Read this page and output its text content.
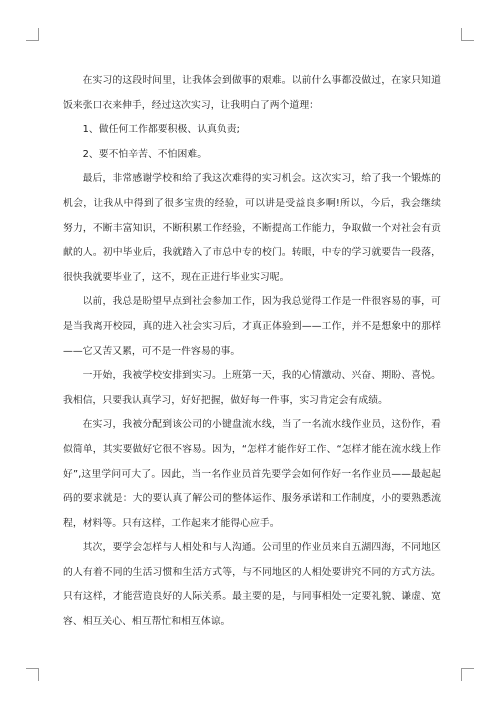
在实习的这段时间里，让我体会到做事的艰难。以前什么事都没做过，在家只知道饭来张口衣来伸手，经过这次实习，让我明白了两个道理：

1、做任何工作都要积极、认真负责;

2、要不怕辛苦、不怕困难。

最后，非常感谢学校和给了我这次难得的实习机会。这次实习，给了我一个锻炼的机会，让我从中得到了很多宝贵的经验，可以讲是受益良多啊!所以，今后，我会继续努力，不断丰富知识，不断积累工作经验，不断提高工作能力，争取做一个对社会有贡献的人。初中毕业后，我就踏入了市总中专的校门。转眼，中专的学习就要告一段落，很快我就要毕业了，这不，现在正进行毕业实习呢。

以前，我总是盼望早点到社会参加工作，因为我总觉得工作是一件很容易的事，可是当我离开校园，真的进入社会实习后，才真正体验到——工作，并不是想象中的那样——它又苦又累，可不是一件容易的事。

一开始，我被学校安排到实习。上班第一天，我的心情激动、兴奋、期盼、喜悦。我相信，只要我认真学习，好好把握，做好每一件事，实习肯定会有成绩。

在实习，我被分配到该公司的小键盘流水线，当了一名流水线作业员，这份作，看似简单，其实要做好它很不容易。因为，“怎样才能作好工作、“怎样才能在流水线上作好”,这里学问可大了。因此，当一名作业员首先要学会如何作好一名作业员——最起起码的要求就是：大的要认真了解公司的整体运作、服务承诺和工作制度，小的要熟悉流程，材料等。只有这样，工作起来才能得心应手。

其次，要学会怎样与人相处和与人沟通。公司里的作业员来自五湖四海，不同地区的人有着不同的生活习惯和生活方式等，与不同地区的人相处要讲究不同的方式方法。只有这样，才能营造良好的人际关系。最主要的是，与同事相处一定要礼貌、谦虚、宽容、相互关心、相互帮忙和相互体谅。
